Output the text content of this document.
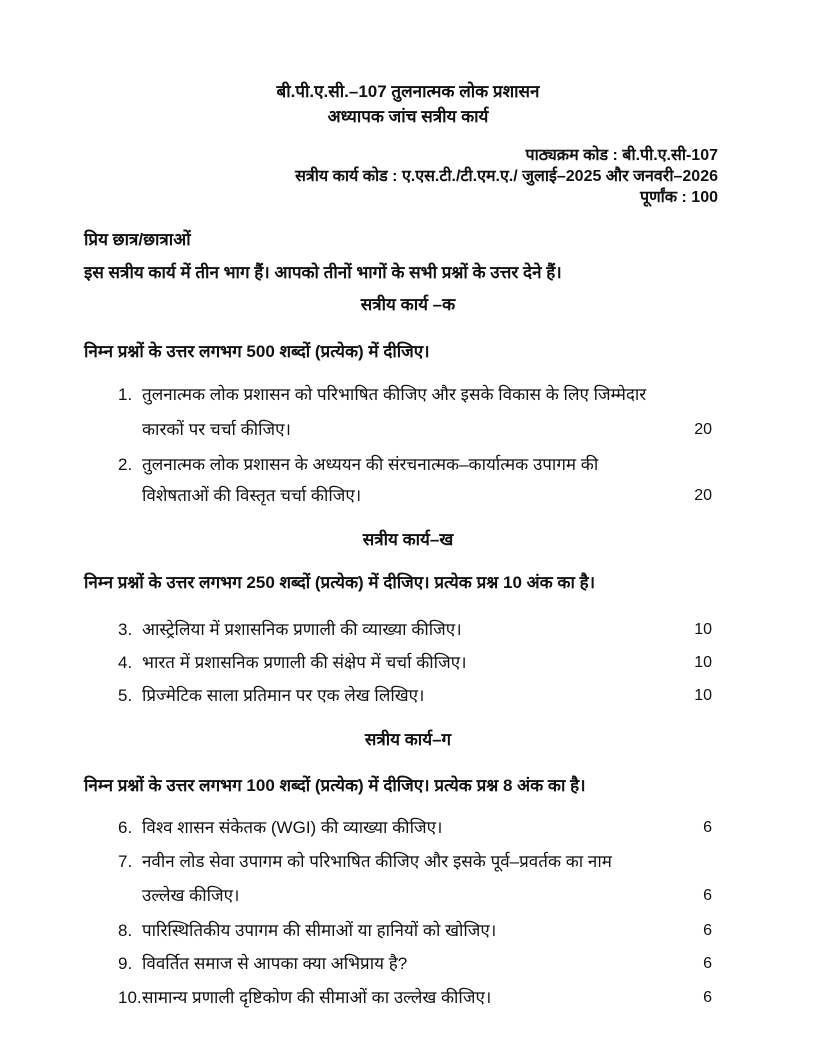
बी.पी.ए.सी.–107 तुलनात्मक लोक प्रशासन
अध्यापक जांच सत्रीय कार्य
पाठ्यक्रम कोड : बी.पी.ए.सी-107
सत्रीय कार्य कोड : ए.एस.टी./टी.एम.ए./ जुलाई–2025 और जनवरी–2026
पूर्णांक : 100
प्रिय छात्र/छात्राओं
इस सत्रीय कार्य में तीन भाग हैं। आपको तीनों भागों के सभी प्रश्नों के उत्तर देने हैं।
सत्रीय कार्य –क
निम्न प्रश्नों के उत्तर लगभग 500 शब्दों (प्रत्येक) में दीजिए।
1. तुलनात्मक लोक प्रशासन को परिभाषित कीजिए और इसके विकास के लिए जिम्मेदार
कारकों पर चर्चा कीजिए।	20
2. तुलनात्मक लोक प्रशासन के अध्ययन की संरचनात्मक–कार्यात्मक उपागम की
विशेषताओं की विस्तृत चर्चा कीजिए।	20
सत्रीय कार्य–ख
निम्न प्रश्नों के उत्तर लगभग 250 शब्दों (प्रत्येक) में दीजिए। प्रत्येक प्रश्न 10 अंक का है।
3. आस्ट्रेलिया में प्रशासनिक प्रणाली की व्याख्या कीजिए।	10
4. भारत में प्रशासनिक प्रणाली की संक्षेप में चर्चा कीजिए।	10
5. प्रिज्मेटिक साला प्रतिमान पर एक लेख लिखिए।	10
सत्रीय कार्य–ग
निम्न प्रश्नों के उत्तर लगभग 100 शब्दों (प्रत्येक) में दीजिए। प्रत्येक प्रश्न 8 अंक का है।
6. विश्व शासन संकेतक (WGI) की व्याख्या कीजिए।	6
7. नवीन लोड सेवा उपागम को परिभाषित कीजिए और इसके पूर्व–प्रवर्तक का नाम
उल्लेख कीजिए।	6
8. पारिस्थितिकीय उपागम की सीमाओं या हानियों को खोजिए।	6
9. विवर्तित समाज से आपका क्या अभिप्राय है?	6
10.सामान्य प्रणाली दृष्टिकोण की सीमाओं का उल्लेख कीजिए।	6
